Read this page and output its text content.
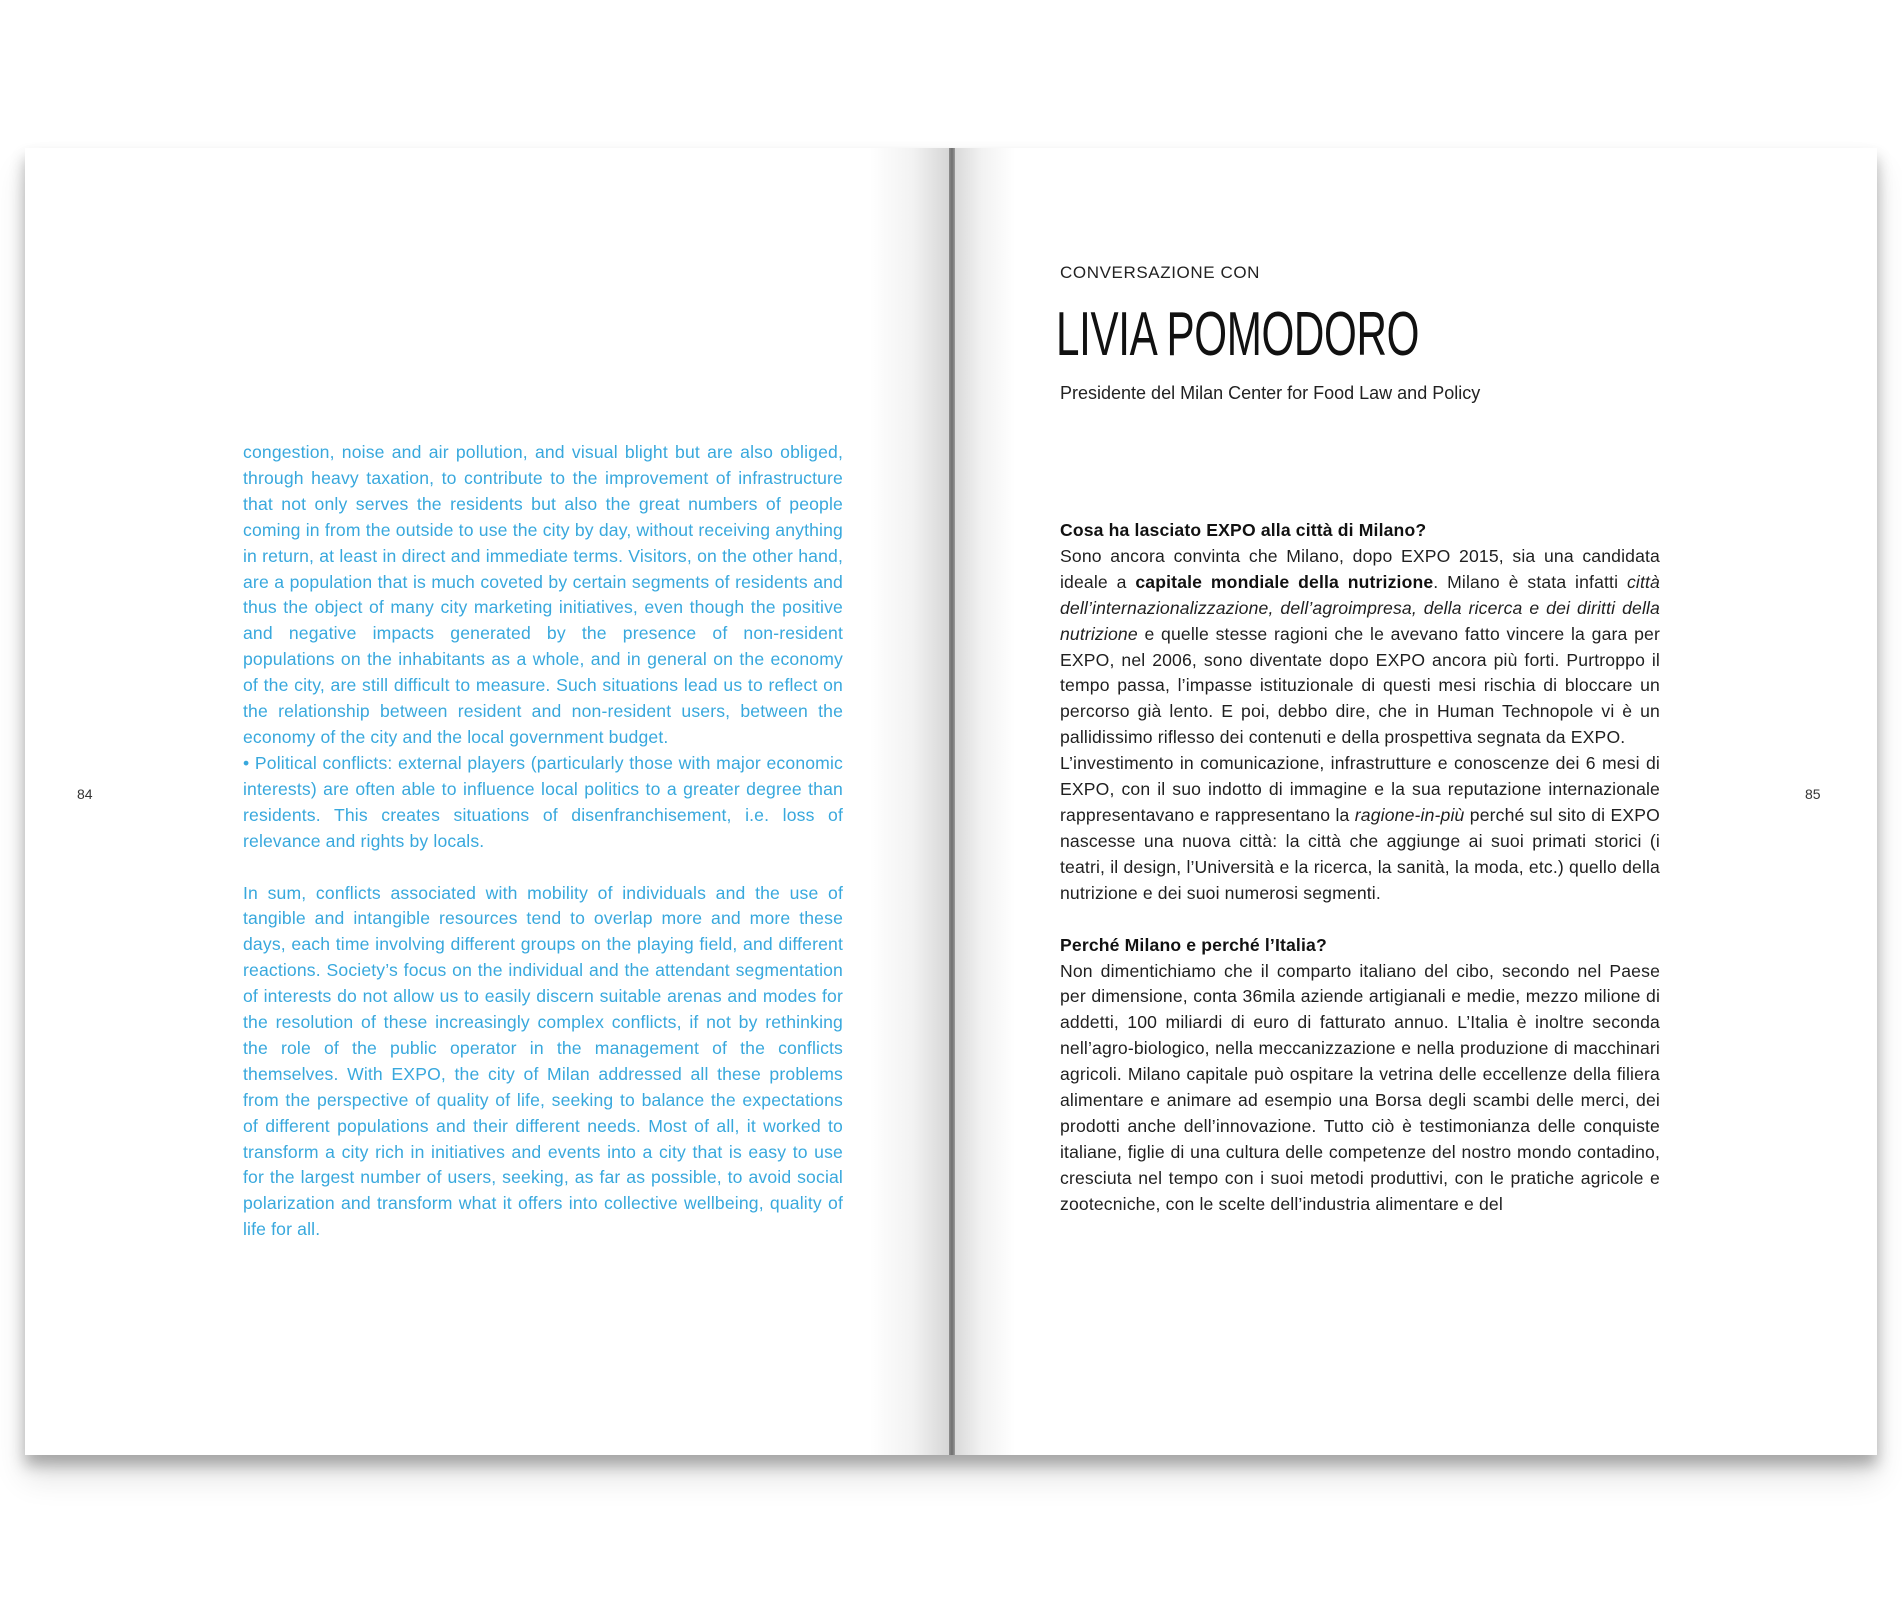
84

congestion, noise and air pollution, and visual blight but are also obliged, through heavy taxation, to contribute to the improvement of infrastructure that not only serves the residents but also the great numbers of people coming in from the outside to use the city by day, without receiving anything in return, at least in direct and immediate terms. Visitors, on the other hand, are a population that is much coveted by certain segments of residents and thus the object of many city marketing initiatives, even though the positive and negative impacts generated by the presence of non-resident populations on the inhabitants as a whole, and in general on the economy of the city, are still difficult to measure. Such situations lead us to reflect on the relationship between resident and non-resident users, between the economy of the city and the local government budget.

• Political conflicts: external players (particularly those with major economic interests) are often able to influence local politics to a greater degree than residents. This creates situations of disenfranchisement, i.e. loss of relevance and rights by locals.

In sum, conflicts associated with mobility of individuals and the use of tangible and intangible resources tend to overlap more and more these days, each time involving different groups on the playing field, and different reactions. Society’s focus on the individual and the attendant segmentation of interests do not allow us to easily discern suitable arenas and modes for the resolution of these increasingly complex conflicts, if not by rethinking the role of the public operator in the management of the conflicts themselves. With EXPO, the city of Milan addressed all these problems from the perspective of quality of life, seeking to balance the expectations of different populations and their different needs. Most of all, it worked to transform a city rich in initiatives and events into a city that is easy to use for the largest number of users, seeking, as far as possible, to avoid social polarization and transform what it offers into collective wellbeing, quality of life for all.

85

CONVERSAZIONE CON

LIVIA POMODORO

Presidente del Milan Center for Food Law and Policy

Cosa ha lasciato EXPO alla città di Milano?

Sono ancora convinta che Milano, dopo EXPO 2015, sia una candidata ideale a capitale mondiale della nutrizione. Milano è stata infatti città dell’internazionalizzazione, dell’agroimpresa, della ricerca e dei diritti della nutrizione e quelle stesse ragioni che le avevano fatto vincere la gara per EXPO, nel 2006, sono diventate dopo EXPO ancora più forti. Purtroppo il tempo passa, l’impasse istituzionale di questi mesi rischia di bloccare un percorso già lento. E poi, debbo dire, che in Human Technopole vi è un pallidissimo riflesso dei contenuti e della prospettiva segnata da EXPO.

L’investimento in comunicazione, infrastrutture e conoscenze dei 6 mesi di EXPO, con il suo indotto di immagine e la sua reputazione internazionale rappresentavano e rappresentano la ragione-in-più perché sul sito di EXPO nascesse una nuova città: la città che aggiunge ai suoi primati storici (i teatri, il design, l’Università e la ricerca, la sanità, la moda, etc.) quello della nutrizione e dei suoi numerosi segmenti.

Perché Milano e perché l’Italia?

Non dimentichiamo che il comparto italiano del cibo, secondo nel Paese per dimensione, conta 36mila aziende artigianali e medie, mezzo milione di addetti, 100 miliardi di euro di fatturato annuo. L’Italia è inoltre seconda nell’agro-biologico, nella meccanizzazione e nella produzione di macchinari agricoli. Milano capitale può ospitare la vetrina delle eccellenze della filiera alimentare e animare ad esempio una Borsa degli scambi delle merci, dei prodotti anche dell’innovazione. Tutto ciò è testimonianza delle conquiste italiane, figlie di una cultura delle competenze del nostro mondo contadino, cresciuta nel tempo con i suoi metodi produttivi, con le pratiche agricole e zootecniche, con le scelte dell’industria alimentare e del
